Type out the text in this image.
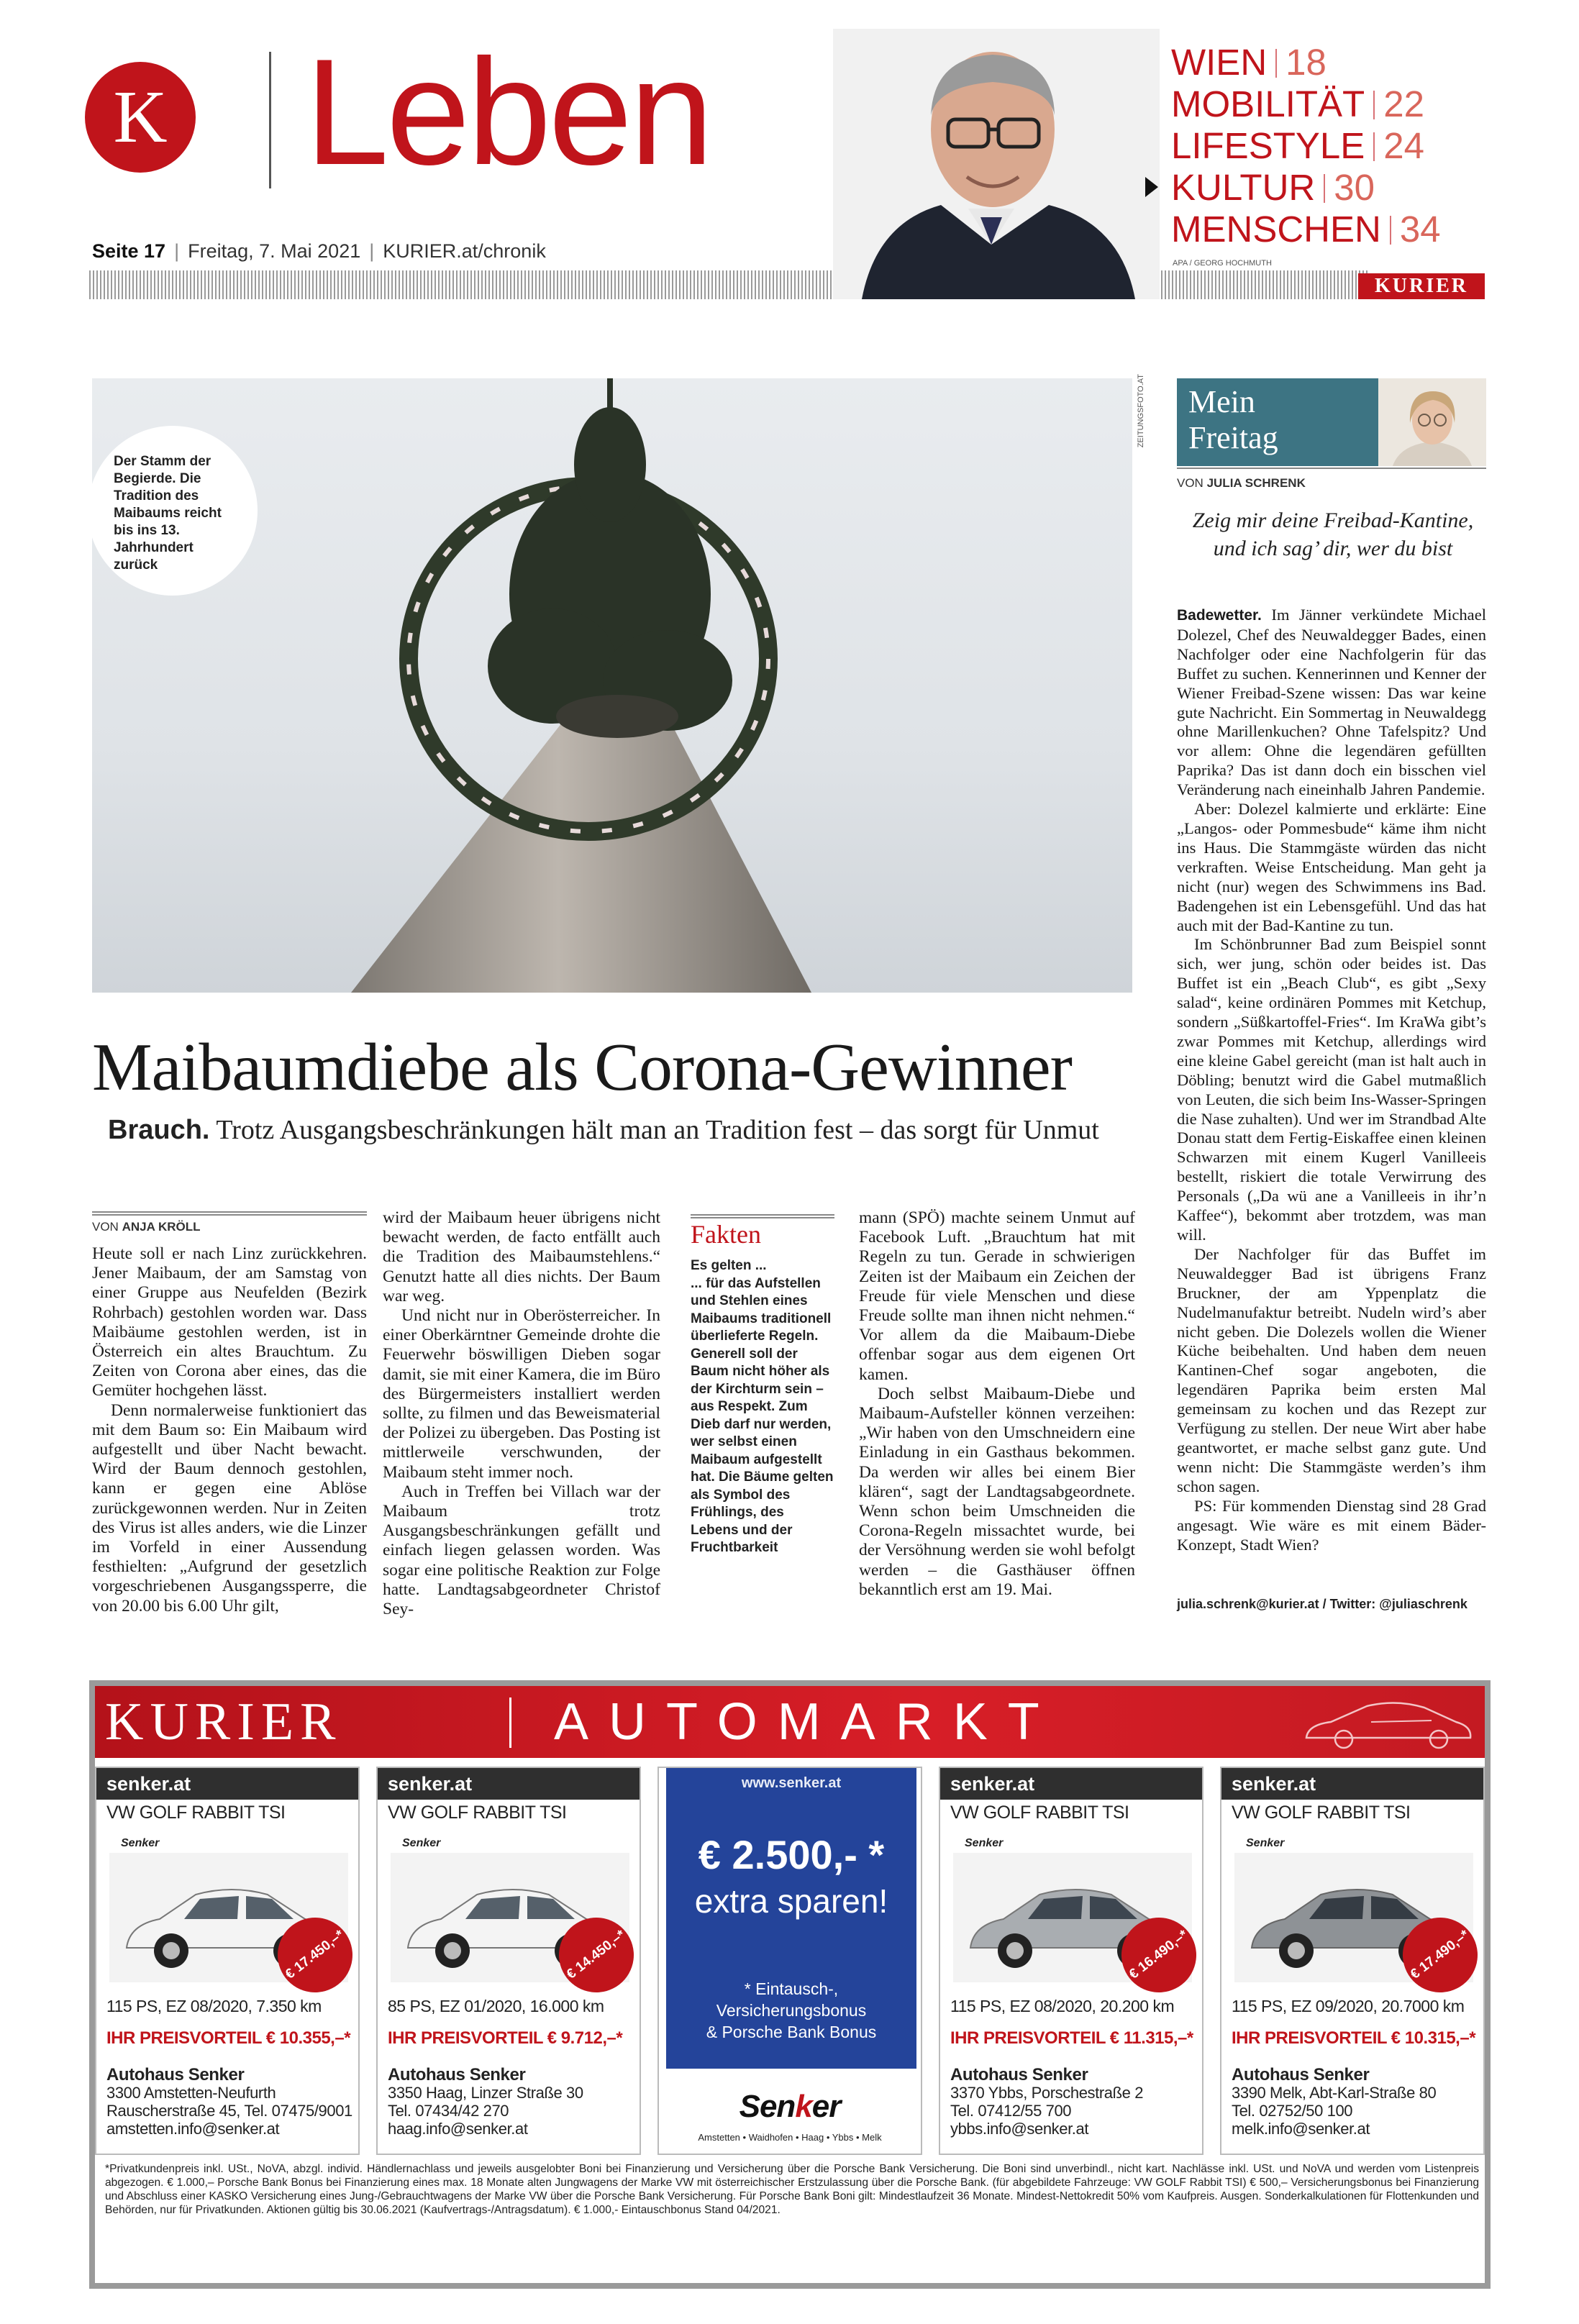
K Leben
Seite 17 | Freitag, 7. Mai 2021 | KURIER.at/chronik
WIEN 18
MOBILITÄT 22
LIFESTYLE 24
KULTUR 30
MENSCHEN 34
APA / GEORG HOCHMUTH
KURIER
ZEITUNGSFOTO.AT
Der Stamm der Begierde. Die Tradition des Maibaums reicht bis ins 13. Jahrhundert zurück
Maibaumdiebe als Corona-Gewinner
Brauch. Trotz Ausgangsbeschränkungen hält man an Tradition fest – das sorgt für Unmut
VON ANJA KRÖLL

Heute soll er nach Linz zurückkehren. Jener Maibaum, der am Samstag von einer Gruppe aus Neufelden (Bezirk Rohrbach) gestohlen worden war. Dass Maibäume gestohlen werden, ist in Österreich ein altes Brauchtum. Zu Zeiten von Corona aber eines, das die Gemüter hochgehen lässt.

Denn normalerweise funktioniert das mit dem Baum so: Ein Maibaum wird aufgestellt und über Nacht bewacht. Wird der Baum dennoch gestohlen, kann er gegen eine Ablöse zurückgewonnen werden. Nur in Zeiten des Virus ist alles anders, wie die Linzer im Vorfeld in einer Aussendung festhielten: „Aufgrund der gesetzlich vorgeschriebenen Ausgangssperre, die von 20.00 bis 6.00 Uhr gilt,

wird der Maibaum heuer übrigens nicht bewacht werden, de facto entfällt auch die Tradition des Maibaumstehlens.“ Genutzt hatte all dies nichts. Der Baum war weg.

Und nicht nur in Oberösterreicher. In einer Oberkärntner Gemeinde drohte die Feuerwehr böswilligen Dieben sogar damit, sie mit einer Kamera, die im Büro des Bürgermeisters installiert werden sollte, zu filmen und das Beweismaterial der Polizei zu übergeben. Das Posting ist mittlerweile verschwunden, der Maibaum steht immer noch.

Auch in Treffen bei Villach war der Maibaum trotz Ausgangsbeschränkungen gefällt und einfach liegen gelassen worden. Was sogar eine politische Reaktion zur Folge hatte. Landtagsabgeordneter Christof Sey-

Fakten
Es gelten ...
... für das Aufstellen und Stehlen eines Maibaums traditionell überlieferte Regeln. Generell soll der Baum nicht höher als der Kirchturm sein – aus Respekt. Zum Dieb darf nur werden, wer selbst einen Maibaum aufgestellt hat. Die Bäume gelten als Symbol des Frühlings, des Lebens und der Fruchtbarkeit

mann (SPÖ) machte seinem Unmut auf Facebook Luft. „Brauchtum hat mit Regeln zu tun. Gerade in schwierigen Zeiten ist der Maibaum ein Zeichen der Freude für viele Menschen und diese Freude sollte man ihnen nicht nehmen.“ Vor allem da die Maibaum-Diebe offenbar sogar aus dem eigenen Ort kamen.

Doch selbst Maibaum-Diebe und Maibaum-Aufsteller können verzeihen: „Wir haben von den Umschneidern eine Einladung in ein Gasthaus bekommen. Da werden wir alles bei einem Bier klären“, sagt der Landtagsabgeordnete. Wenn schon beim Umschneiden die Corona-Regeln missachtet wurde, bei der Versöhnung werden sie wohl befolgt werden – die Gasthäuser öffnen bekanntlich erst am 19. Mai.

Mein
Freitag
VON JULIA SCHRENK
Zeig mir deine Freibad-Kantine, und ich sag’ dir, wer du bist

Badewetter. Im Jänner verkündete Michael Dolezel, Chef des Neuwaldegger Bades, einen Nachfolger oder eine Nachfolgerin für das Buffet zu suchen. Kennerinnen und Kenner der Wiener Freibad-Szene wissen: Das war keine gute Nachricht. Ein Sommertag in Neuwaldegg ohne Marillenkuchen? Ohne Tafelspitz? Und vor allem: Ohne die legendären gefüllten Paprika? Das ist dann doch ein bisschen viel Veränderung nach eineinhalb Jahren Pandemie.

Aber: Dolezel kalmierte und erklärte: Eine „Langos- oder Pommesbude“ käme ihm nicht ins Haus. Die Stammgäste würden das nicht verkraften. Weise Entscheidung. Man geht ja nicht (nur) wegen des Schwimmens ins Bad. Badengehen ist ein Lebensgefühl. Und das hat auch mit der Bad-Kantine zu tun.

Im Schönbrunner Bad zum Beispiel sonnt sich, wer jung, schön oder beides ist. Das Buffet ist ein „Beach Club“, es gibt „Sexy salad“, keine ordinären Pommes mit Ketchup, sondern „Süßkartoffel-Fries“. Im KraWa gibt’s zwar Pommes mit Ketchup, allerdings wird eine kleine Gabel gereicht (man ist halt auch in Döbling; benutzt wird die Gabel mutmaßlich von Leuten, die sich beim Ins-Wasser-Springen die Nase zuhalten). Und wer im Strandbad Alte Donau statt dem Fertig-Eiskaffee einen kleinen Schwarzen mit einem Kugerl Vanilleeis bestellt, riskiert die totale Verwirrung des Personals („Da wü ane a Vanilleeis in ihr’n Kaffee“), bekommt aber trotzdem, was man will.

Der Nachfolger für das Buffet im Neuwaldegger Bad ist übrigens Franz Bruckner, der am Yppenplatz die Nudelmanufaktur betreibt. Nudeln wird’s aber nicht geben. Die Dolezels wollen die Wiener Küche beibehalten. Und haben dem neuen Kantinen-Chef sogar angeboten, die legendären Paprika beim ersten Mal gemeinsam zu kochen und das Rezept zur Verfügung zu stellen. Der neue Wirt aber habe geantwortet, er mache selbst ganz gute. Und wenn nicht: Die Stammgäste werden’s ihm schon sagen.

PS: Für kommenden Dienstag sind 28 Grad angesagt. Wie wäre es mit einem Bäder-Konzept, Stadt Wien?

julia.schrenk@kurier.at / Twitter: @juliaschrenk
KURIER	AUTOMARKT
senker.at
VW GOLF RABBIT TSI
Senker
€ 17.450,–*
115 PS, EZ 08/2020, 7.350 km
IHR PREISVORTEIL € 10.355,–*
Autohaus Senker
3300 Amstetten-Neufurth
Rauscherstraße 45, Tel. 07475/9001
amstetten.info@senker.at
senker.at
VW GOLF RABBIT TSI
Senker
€ 14.450,–*
85 PS, EZ 01/2020, 16.000 km
IHR PREISVORTEIL € 9.712,–*
Autohaus Senker
3350 Haag, Linzer Straße 30
Tel. 07434/42 270
haag.info@senker.at
www.senker.at
€ 2.500,- *
extra sparen!
* Eintausch-,
Versicherungsbonus
& Porsche Bank Bonus
Senker
Amstetten • Waidhofen • Haag • Ybbs • Melk
senker.at
VW GOLF RABBIT TSI
Senker
€ 16.490,–*
115 PS, EZ 08/2020, 20.200 km
IHR PREISVORTEIL € 11.315,–*
Autohaus Senker
3370 Ybbs, Porschestraße 2
Tel. 07412/55 700
ybbs.info@senker.at
senker.at
VW GOLF RABBIT TSI
Senker
€ 17.490,–*
115 PS, EZ 09/2020, 20.7000 km
IHR PREISVORTEIL € 10.315,–*
Autohaus Senker
3390 Melk, Abt-Karl-Straße 80
Tel. 02752/50 100
melk.info@senker.at
*Privatkundenpreis inkl. USt., NoVA, abzgl. individ. Händlernachlass und jeweils ausgelobter Boni bei Finanzierung und Versicherung über die Porsche Bank Versicherung. Die Boni sind unverbindl., nicht kart. Nachlässe inkl. USt. und NoVA und werden vom Listenpreis abgezogen. € 1.000,– Porsche Bank Bonus bei Finanzierung eines max. 18 Monate alten Jungwagens der Marke VW mit österreichischer Erstzulassung über die Porsche Bank. (für abgebildete Fahrzeuge: VW GOLF Rabbit TSI) € 500,– Versicherungsbonus bei Finanzierung und Abschluss einer KASKO Versicherung eines Jung-/Gebrauchtwagens der Marke VW über die Porsche Bank Versicherung. Für Porsche Bank Boni gilt: Mindestlaufzeit 36 Monate. Mindest-Nettokredit 50% vom Kaufpreis. Ausgen. Sonderkalkulationen für Flottenkunden und Behörden, nur für Privatkunden. Aktionen gültig bis 30.06.2021 (Kaufvertrags-/Antragsdatum). € 1.000,- Eintauschbonus Stand 04/2021.
